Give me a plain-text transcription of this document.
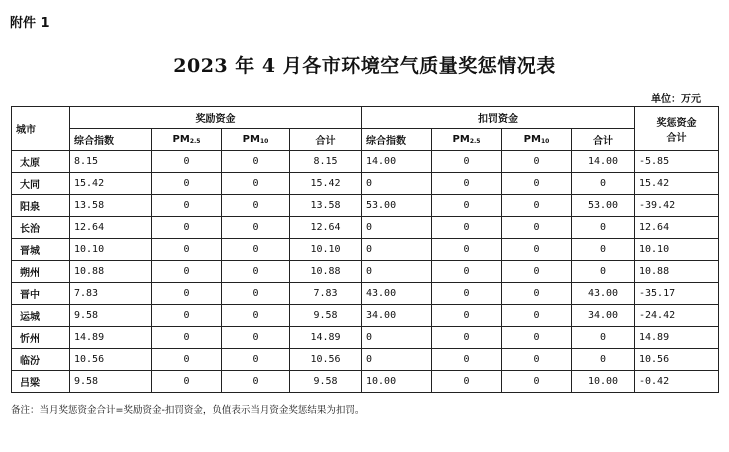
附件 1
2023 年 4 月各市环境空气质量奖惩情况表
单位：万元
城市	奖励资金				扣罚资金				奖惩资金
合计

	综合指数	PM2.5	PM10	合计	综合指数	PM2.5	PM10	合计	
太原	8.15	0	0	8.15	14.00	0	0	14.00	-5.85
大同	15.42	0	0	15.42	0	0	0	0	15.42
阳泉	13.58	0	0	13.58	53.00	0	0	53.00	-39.42
长治	12.64	0	0	12.64	0	0	0	0	12.64
晋城	10.10	0	0	10.10	0	0	0	0	10.10
朔州	10.88	0	0	10.88	0	0	0	0	10.88
晋中	7.83	0	0	7.83	43.00	0	0	43.00	-35.17
运城	9.58	0	0	9.58	34.00	0	0	34.00	-24.42
忻州	14.89	0	0	14.89	0	0	0	0	14.89
临汾	10.56	0	0	10.56	0	0	0	0	10.56
吕梁	9.58	0	0	9.58	10.00	0	0	10.00	-0.42
备注：当月奖惩资金合计=奖励资金-扣罚资金，负值表示当月资金奖惩结果为扣罚。
